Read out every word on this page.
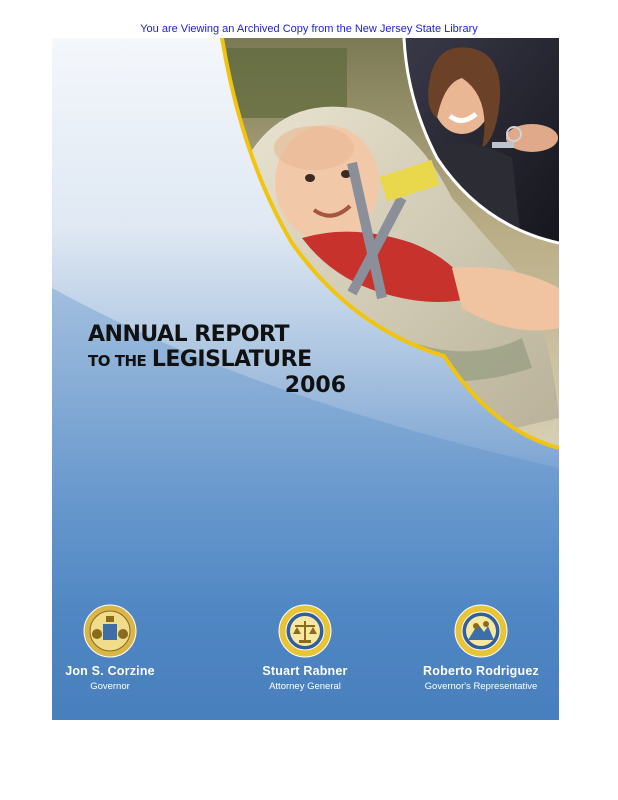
You are Viewing an Archived Copy from the New Jersey State Library
ANNUAL REPORT
TO THE LEGISLATURE
2006
Jon S. Corzine
Governor
Stuart Rabner
Attorney General
Roberto Rodriguez
Governor's Representative
